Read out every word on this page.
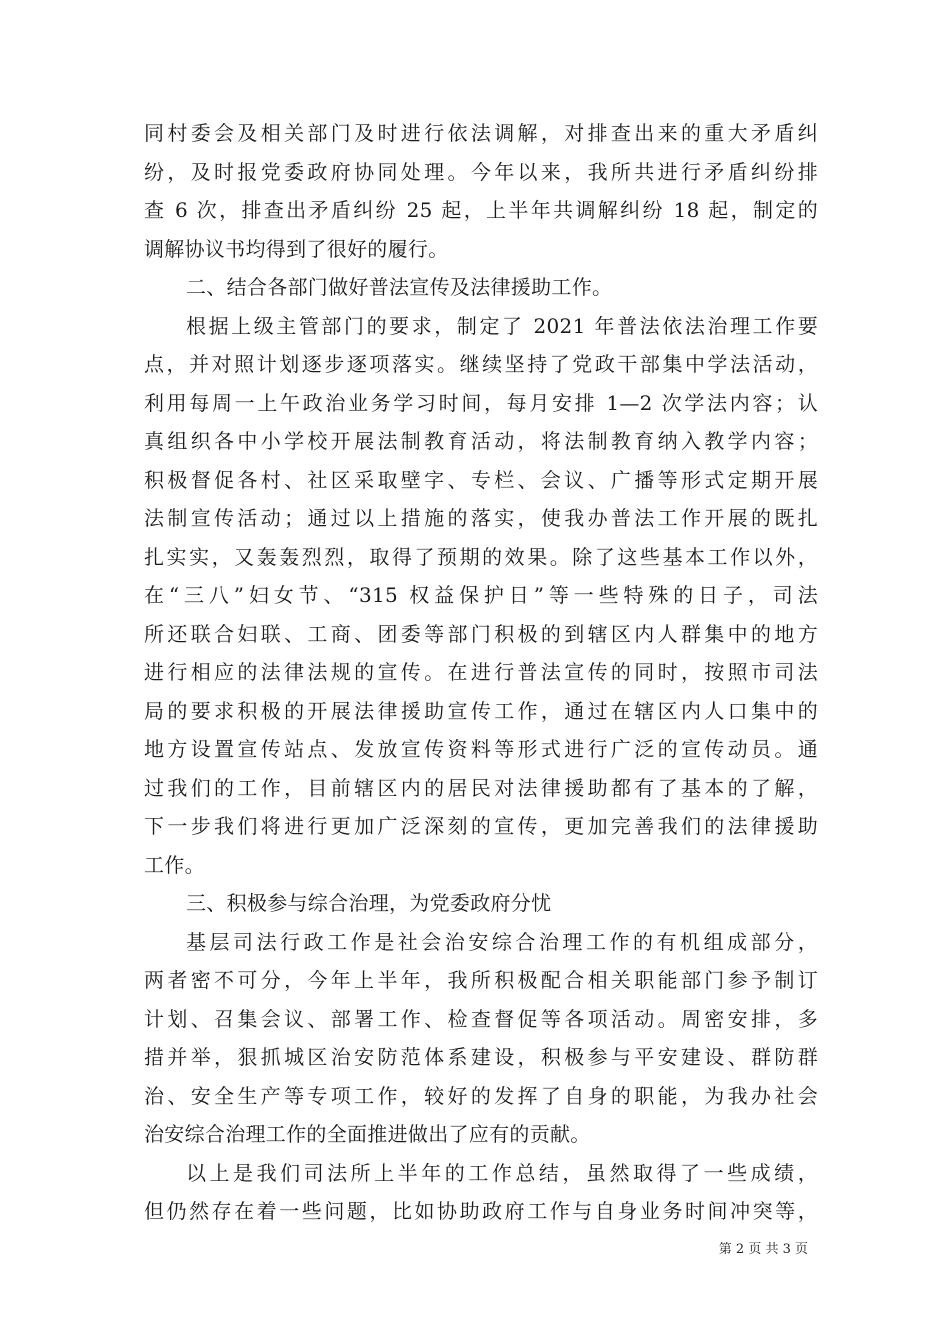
同村委会及相关部门及时进行依法调解，对排查出来的重大矛盾纠
纷，及时报党委政府协同处理。今年以来，我所共进行矛盾纠纷排
查 6 次，排查出矛盾纠纷 25 起，上半年共调解纠纷 18 起，制定的
调解协议书均得到了很好的履行。
二、结合各部门做好普法宣传及法律援助工作。
根据上级主管部门的要求，制定了 2021 年普法依法治理工作要
点，并对照计划逐步逐项落实。继续坚持了党政干部集中学法活动，
利用每周一上午政治业务学习时间，每月安排 1—2 次学法内容；认
真组织各中小学校开展法制教育活动，将法制教育纳入教学内容；
积极督促各村、社区采取壁字、专栏、会议、广播等形式定期开展
法制宣传活动；通过以上措施的落实，使我办普法工作开展的既扎
扎实实，又轰轰烈烈，取得了预期的效果。除了这些基本工作以外，
在“三八”妇女节、“315 权益保护日”等一些特殊的日子，司法
所还联合妇联、工商、团委等部门积极的到辖区内人群集中的地方
进行相应的法律法规的宣传。在进行普法宣传的同时，按照市司法
局的要求积极的开展法律援助宣传工作，通过在辖区内人口集中的
地方设置宣传站点、发放宣传资料等形式进行广泛的宣传动员。通
过我们的工作，目前辖区内的居民对法律援助都有了基本的了解，
下一步我们将进行更加广泛深刻的宣传，更加完善我们的法律援助
工作。
三、积极参与综合治理，为党委政府分忧
基层司法行政工作是社会治安综合治理工作的有机组成部分，
两者密不可分，今年上半年，我所积极配合相关职能部门参予制订
计划、召集会议、部署工作、检查督促等各项活动。周密安排，多
措并举，狠抓城区治安防范体系建设，积极参与平安建设、群防群
治、安全生产等专项工作，较好的发挥了自身的职能，为我办社会
治安综合治理工作的全面推进做出了应有的贡献。
以上是我们司法所上半年的工作总结，虽然取得了一些成绩，
但仍然存在着一些问题，比如协助政府工作与自身业务时间冲突等，
第 2 页 共 3 页
